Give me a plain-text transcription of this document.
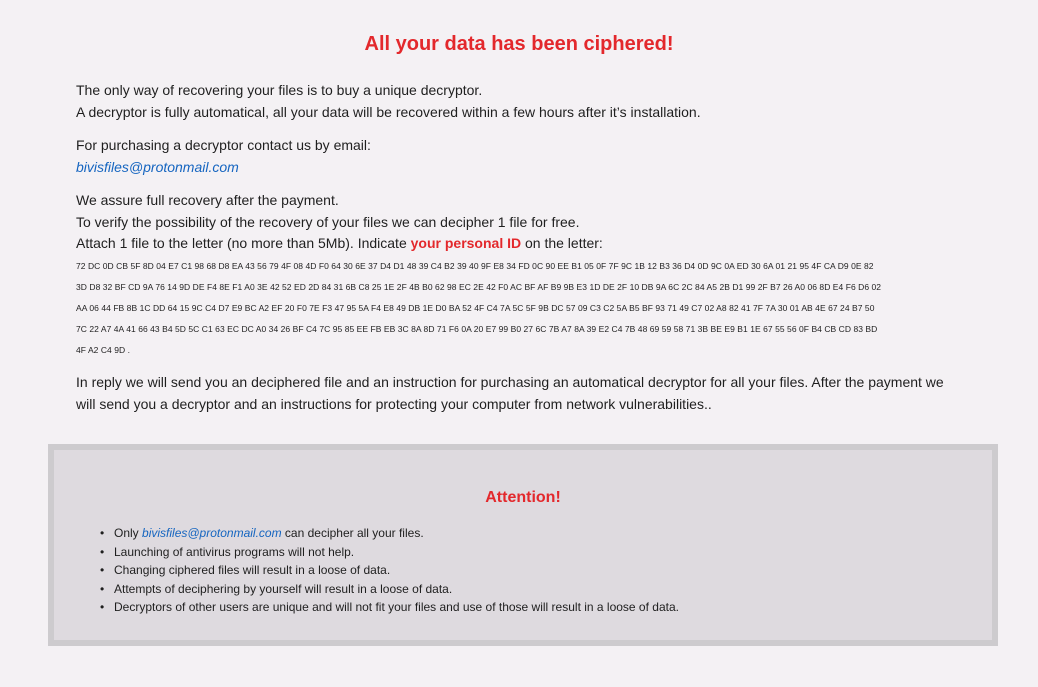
All your data has been ciphered!
The only way of recovering your files is to buy a unique decryptor.
A decryptor is fully automatical, all your data will be recovered within a few hours after it’s installation.
For purchasing a decryptor contact us by email:
bivisfiles@protonmail.com
We assure full recovery after the payment.
To verify the possibility of the recovery of your files we can decipher 1 file for free.
Attach 1 file to the letter (no more than 5Mb). Indicate your personal ID on the letter:
72 DC 0D CB 5F 8D 04 E7 C1 98 68 D8 EA 43 56 79 4F 08 4D F0 64 30 6E 37 D4 D1 48 39 C4 B2 39 40 9F E8 34 FD 0C 90 EE B1 05 0F 7F 9C 1B 12 B3 36 D4 0D 9C 0A ED 30 6A 01 21 95 4F CA D9 0E 82
3D D8 32 BF CD 9A 76 14 9D DE F4 8E F1 A0 3E 42 52 ED 2D 84 31 6B C8 25 1E 2F 4B B0 62 98 EC 2E 42 F0 AC BF AF B9 9B E3 1D DE 2F 10 DB 9A 6C 2C 84 A5 2B D1 99 2F B7 26 A0 06 8D E4 F6 D6 02
AA 06 44 FB 8B 1C DD 64 15 9C C4 D7 E9 BC A2 EF 20 F0 7E F3 47 95 5A F4 E8 49 DB 1E D0 BA 52 4F C4 7A 5C 5F 9B DC 57 09 C3 C2 5A B5 BF 93 71 49 C7 02 A8 82 41 7F 7A 30 01 AB 4E 67 24 B7 50
7C 22 A7 4A 41 66 43 B4 5D 5C C1 63 EC DC A0 34 26 BF C4 7C 95 85 EE FB EB 3C 8A 8D 71 F6 0A 20 E7 99 B0 27 6C 7B A7 8A 39 E2 C4 7B 48 69 59 58 71 3B BE E9 B1 1E 67 55 56 0F B4 CB CD 83 BD
4F A2 C4 9D .
In reply we will send you an deciphered file and an instruction for purchasing an automatical decryptor for all your files. After the payment we
will send you a decryptor and an instructions for protecting your computer from network vulnerabilities..
Attention!
• Only bivisfiles@protonmail.com can decipher all your files.
• Launching of antivirus programs will not help.
• Changing ciphered files will result in a loose of data.
• Attempts of deciphering by yourself will result in a loose of data.
• Decryptors of other users are unique and will not fit your files and use of those will result in a loose of data.
